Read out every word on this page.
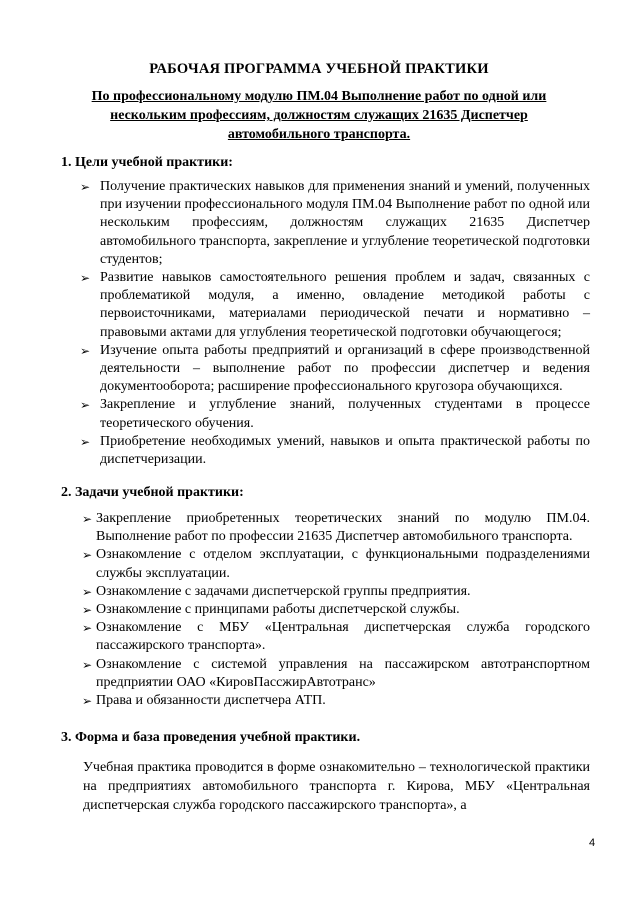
РАБОЧАЯ ПРОГРАММА УЧЕБНОЙ ПРАКТИКИ
По профессиональному модулю ПМ.04 Выполнение работ по одной или нескольким профессиям, должностям служащих 21635 Диспетчер автомобильного транспорта.
1. Цели учебной практики:
➢ Получение практических навыков для применения знаний и умений, полученных при изучении профессионального модуля ПМ.04 Выполнение работ по одной или нескольким профессиям, должностям служащих 21635 Диспетчер автомобильного транспорта, закрепление и углубление теоретической подготовки студентов;
➢ Развитие навыков самостоятельного решения проблем и задач, связанных с проблематикой модуля, а именно, овладение методикой работы с первоисточниками, материалами периодической печати и нормативно – правовыми актами для углубления теоретической подготовки обучающегося;
➢ Изучение опыта работы предприятий и организаций в сфере производственной деятельности – выполнение работ по профессии диспетчер и ведения документооборота; расширение профессионального кругозора обучающихся.
➢ Закрепление и углубление знаний, полученных студентами в процессе теоретического обучения.
➢ Приобретение необходимых умений, навыков и опыта практической работы по диспетчеризации.
2. Задачи учебной практики:
➢ Закрепление приобретенных теоретических знаний по модулю ПМ.04. Выполнение работ по профессии 21635 Диспетчер автомобильного транспорта.
➢ Ознакомление с отделом эксплуатации, с функциональными подразделениями службы эксплуатации.
➢ Ознакомление с задачами диспетчерской группы предприятия.
➢ Ознакомление с принципами работы диспетчерской службы.
➢ Ознакомление с МБУ «Центральная диспетчерская служба городского пассажирского транспорта».
➢ Ознакомление с системой управления на пассажирском автотранспортном предприятии ОАО «КировПассжирАвтотранс»
➢ Права и обязанности диспетчера АТП.
3. Форма и база проведения учебной практики.
Учебная практика проводится в форме ознакомительно – технологической практики на предприятиях автомобильного транспорта г. Кирова, МБУ «Центральная диспетчерская служба городского пассажирского транспорта», а
4
